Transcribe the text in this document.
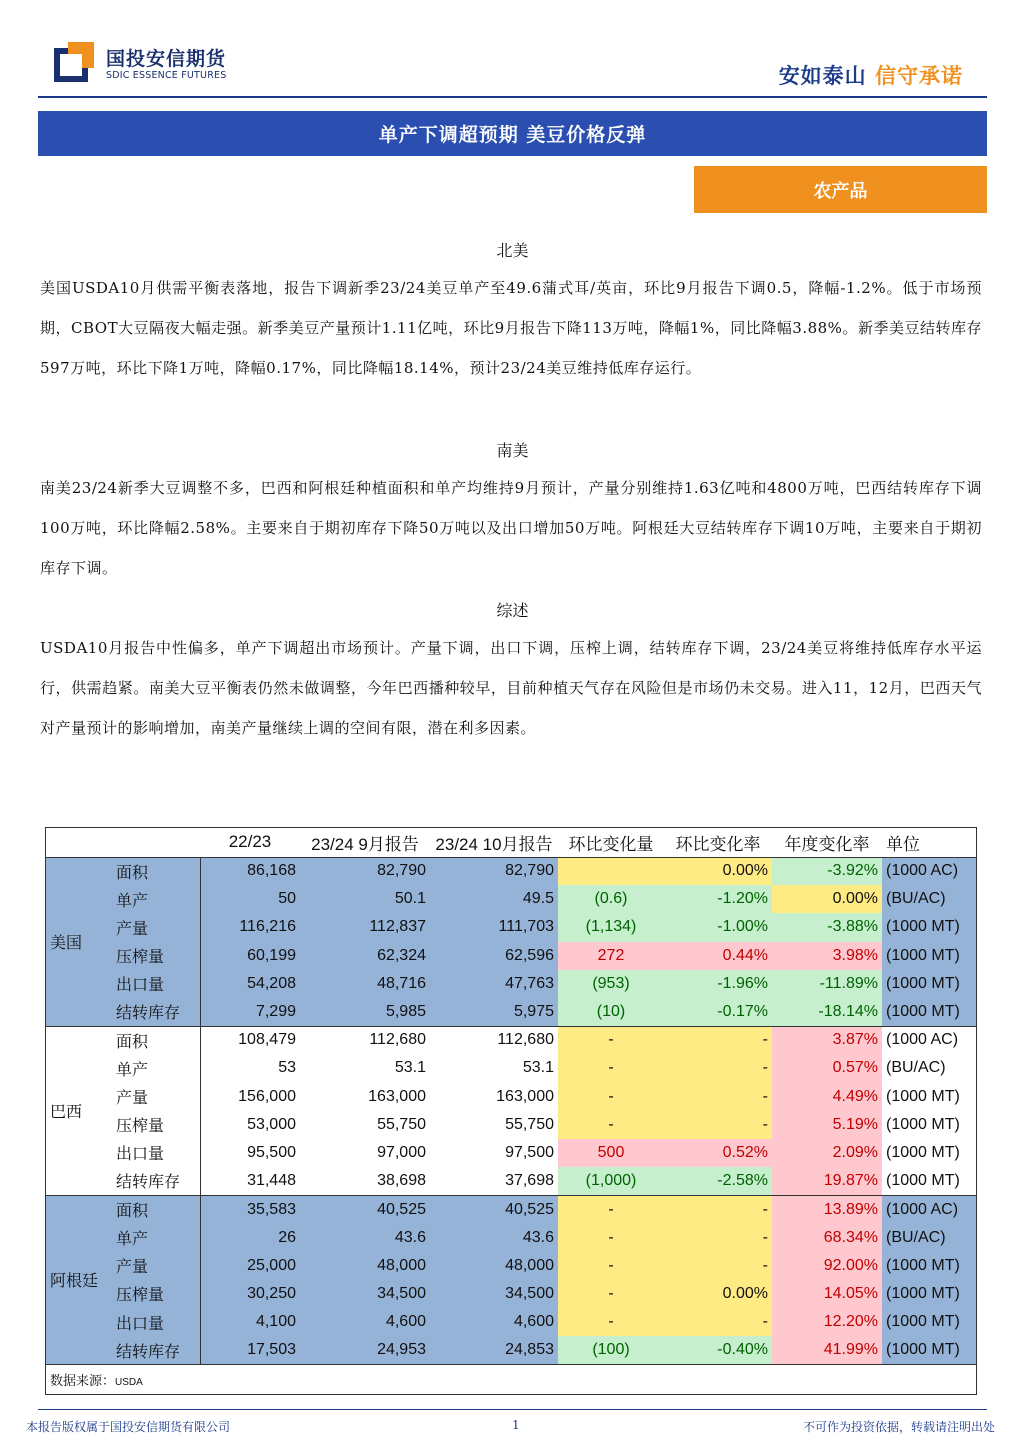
国投安信期货
SDIC ESSENCE FUTURES	安如泰山 信守承诺
单产下调超预期 美豆价格反弹
农产品
北美
美国USDA10月供需平衡表落地，报告下调新季23/24美豆单产至49.6蒲式耳/英亩，环比9月报告下调0.5，降幅-1.2%。低于市场预期，CBOT大豆隔夜大幅走强。新季美豆产量预计1.11亿吨，环比9月报告下降113万吨，降幅1%，同比降幅3.88%。新季美豆结转库存597万吨，环比下降1万吨，降幅0.17%，同比降幅18.14%，预计23/24美豆维持低库存运行。
南美
南美23/24新季大豆调整不多，巴西和阿根廷种植面积和单产均维持9月预计，产量分别维持1.63亿吨和4800万吨，巴西结转库存下调100万吨，环比降幅2.58%。主要来自于期初库存下降50万吨以及出口增加50万吨。阿根廷大豆结转库存下调10万吨，主要来自于期初库存下调。
综述
USDA10月报告中性偏多，单产下调超出市场预计。产量下调，出口下调，压榨上调，结转库存下调，23/24美豆将维持低库存水平运行，供需趋紧。南美大豆平衡表仍然未做调整，今年巴西播种较早，目前种植天气存在风险但是市场仍未交易。进入11，12月，巴西天气对产量预计的影响增加，南美产量继续上调的空间有限，潜在利多因素。
		22/23	23/24 9月报告	23/24 10月报告	环比变化量	环比变化率	年度变化率	单位
美国	面积	86,168	82,790	82,790		0.00%	-3.92%	(1000 AC)
	单产	50	50.1	49.5	(0.6)	-1.20%	0.00%	(BU/AC)
	产量	116,216	112,837	111,703	(1,134)	-1.00%	-3.88%	(1000 MT)
	压榨量	60,199	62,324	62,596	272	0.44%	3.98%	(1000 MT)
	出口量	54,208	48,716	47,763	(953)	-1.96%	-11.89%	(1000 MT)
	结转库存	7,299	5,985	5,975	(10)	-0.17%	-18.14%	(1000 MT)
巴西	面积	108,479	112,680	112,680	-	-	3.87%	(1000 AC)
	单产	53	53.1	53.1	-	-	0.57%	(BU/AC)
	产量	156,000	163,000	163,000	-	-	4.49%	(1000 MT)
	压榨量	53,000	55,750	55,750	-	-	5.19%	(1000 MT)
	出口量	95,500	97,000	97,500	500	0.52%	2.09%	(1000 MT)
	结转库存	31,448	38,698	37,698	(1,000)	-2.58%	19.87%	(1000 MT)
阿根廷	面积	35,583	40,525	40,525	-	-	13.89%	(1000 AC)
	单产	26	43.6	43.6	-	-	68.34%	(BU/AC)
	产量	25,000	48,000	48,000	-	-	92.00%	(1000 MT)
	压榨量	30,250	34,500	34,500	-	0.00%	14.05%	(1000 MT)
	出口量	4,100	4,600	4,600	-	-	12.20%	(1000 MT)
	结转库存	17,503	24,953	24,853	(100)	-0.40%	41.99%	(1000 MT)
数据来源：USDA
本报告版权属于国投安信期货有限公司	1	不可作为投资依据，转载请注明出处
